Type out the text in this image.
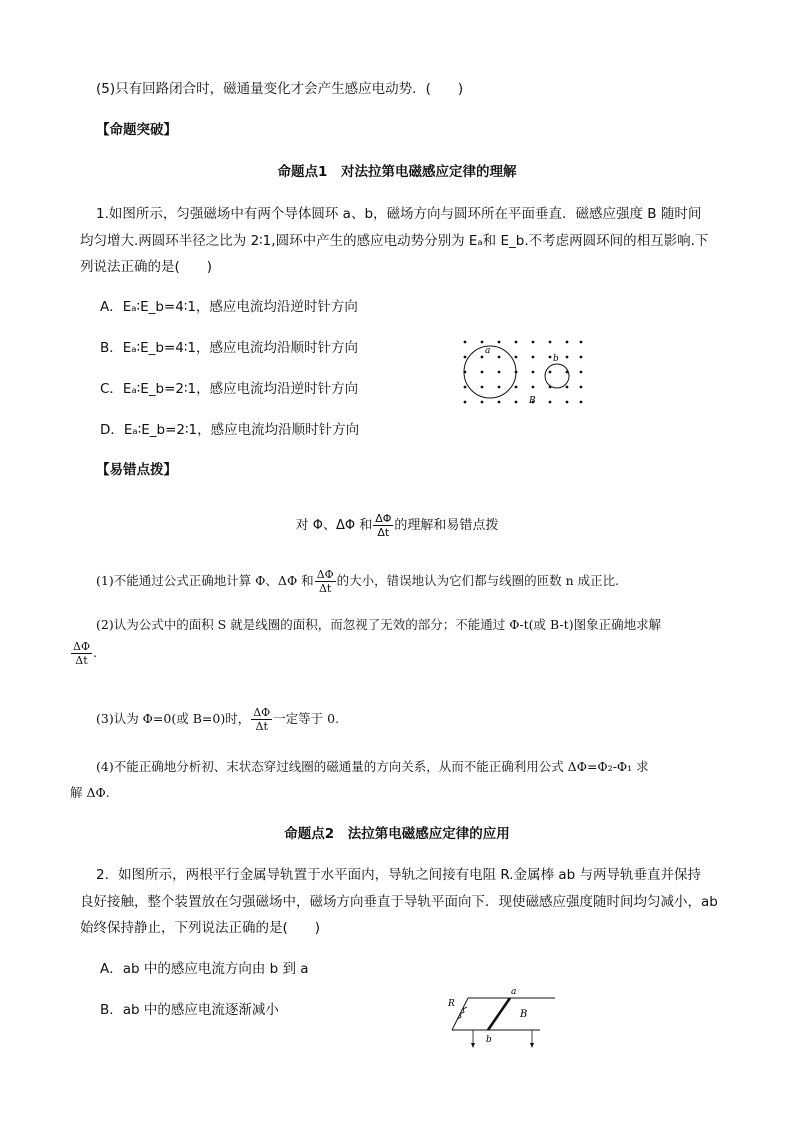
(5)只有回路闭合时，磁通量变化才会产生感应电动势．(　　)
【命题突破】
命题点1　对法拉第电磁感应定律的理解
1.如图所示，匀强磁场中有两个导体圆环 a、b，磁场方向与圆环所在平面垂直．磁感应强度 B 随时间
均匀增大.两圆环半径之比为 2∶1,圆环中产生的感应电动势分别为 Eₐ和 E_b.不考虑两圆环间的相互影响.下
列说法正确的是(　　)
A．Eₐ∶E_b=4∶1，感应电流均沿逆时针方向
B．Eₐ∶E_b=4∶1，感应电流均沿顺时针方向
C．Eₐ∶E_b=2∶1，感应电流均沿逆时针方向
D．Eₐ∶E_b=2∶1，感应电流均沿顺时针方向
a
b
B
【易错点拨】
对 Φ、ΔΦ 和 $\frac{\Delta\Phi}{\Delta t}$ 的理解和易错点拨
(1)不能通过公式正确地计算 Φ、ΔΦ 和 $\frac{\Delta\Phi}{\Delta t}$ 的大小，错误地认为它们都与线圈的匝数 n 成正比.
(2)认为公式中的面积 S 就是线圈的面积，而忽视了无效的部分；不能通过 Φ-t(或 B-t)图象正确地求解
$\frac{\Delta\Phi}{\Delta t}$ .
(3)认为 Φ=0(或 B=0)时， $\frac{\Delta\Phi}{\Delta t}$ 一定等于 0.
(4)不能正确地分析初、末状态穿过线圈的磁通量的方向关系，从而不能正确利用公式 ΔΦ=Φ₂-Φ₁ 求
解 ΔΦ.
命题点2　法拉第电磁感应定律的应用
2．如图所示，两根平行金属导轨置于水平面内，导轨之间接有电阻 R.金属棒 ab 与两导轨垂直并保持
良好接触，整个装置放在匀强磁场中，磁场方向垂直于导轨平面向下．现使磁感应强度随时间均匀减小，ab
始终保持静止，下列说法正确的是(　　)
A．ab 中的感应电流方向由 b 到 a
B．ab 中的感应电流逐渐减小	R
a
b
B
